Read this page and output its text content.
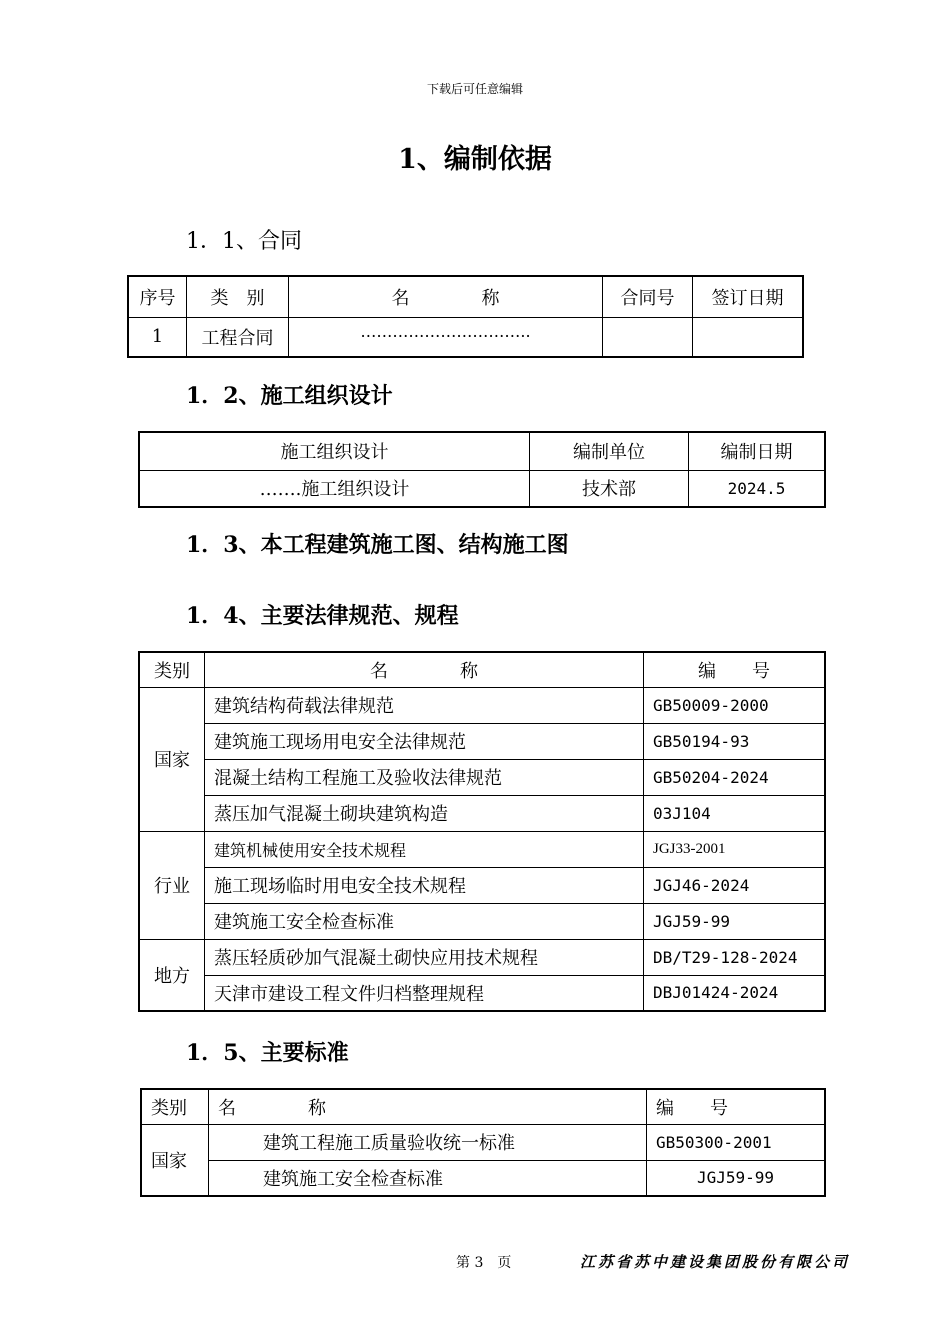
下载后可任意编辑
1、编制依据
1．1、合同
序号	类　别	名　　　　称	合同号	签订日期
1	工程合同	…………………………..		
1．2、施工组织设计
施工组织设计	编制单位	编制日期
…….施工组织设计	技术部	2024.5
1．3、本工程建筑施工图、结构施工图
1．4、主要法律规范、规程
类别	名　　　　称	编　　号
国家	建筑结构荷载法律规范	GB50009-2000
	建筑施工现场用电安全法律规范	GB50194-93
	混凝土结构工程施工及验收法律规范	GB50204-2024
	蒸压加气混凝土砌块建筑构造	03J104
行业	建筑机械使用安全技术规程	JGJ33-2001
	施工现场临时用电安全技术规程	JGJ46-2024
	建筑施工安全检查标准	JGJ59-99
地方	蒸压轻质砂加气混凝土砌快应用技术规程	DB/T29-128-2024
	天津市建设工程文件归档整理规程	DBJ01424-2024
1．5、主要标准
类别	名　　　　称	编　　号
国家	建筑工程施工质量验收统一标准	GB50300-2001
	建筑施工安全检查标准	JGJ59-99
第 3　页	江苏省苏中建设集团股份有限公司
